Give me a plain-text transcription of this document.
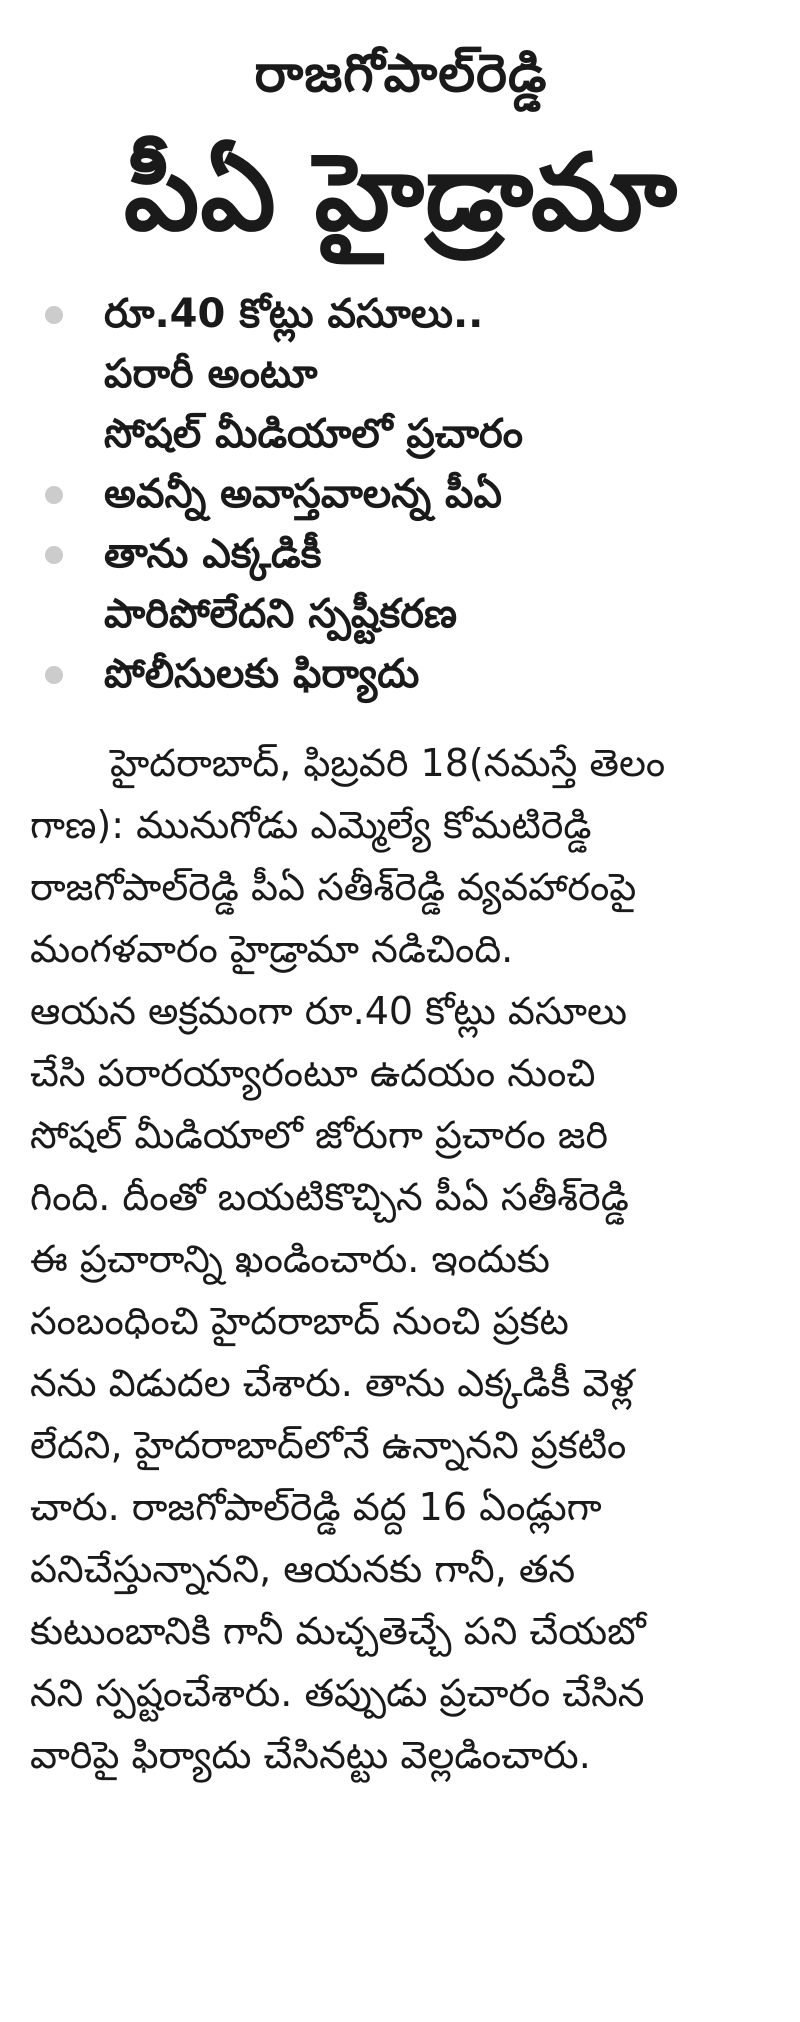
రాజగోపాల్‌రెడ్డి
పీఏ హైడ్రామా
రూ.40 కోట్లు వసూలు..
పరారీ అంటూ
సోషల్‌ మీడియాలో ప్రచారం
అవన్నీ అవాస్తవాలన్న పీఏ
తాను ఎక్కడికీ
పారిపోలేదని స్పష్టీకరణ
పోలీసులకు ఫిర్యాదు
హైదరాబాద్‌, ఫిబ్రవరి 18(నమస్తే తెలం
గాణ): మునుగోడు ఎమ్మెల్యే కోమటిరెడ్డి
రాజగోపాల్‌రెడ్డి పీఏ సతీశ్‌రెడ్డి వ్యవహారంపై
మంగళవారం హైడ్రామా నడిచింది.
ఆయన అక్రమంగా రూ.40 కోట్లు వసూలు
చేసి పరారయ్యారంటూ ఉదయం నుంచి
సోషల్‌ మీడియాలో జోరుగా ప్రచారం జరి
గింది. దీంతో బయటికొచ్చిన పీఏ సతీశ్‌రెడ్డి
ఈ ప్రచారాన్ని ఖండించారు. ఇందుకు
సంబంధించి హైదరాబాద్‌ నుంచి ప్రకట
నను విడుదల చేశారు. తాను ఎక్కడికీ వెళ్ల
లేదని, హైదరాబాద్‌లోనే ఉన్నానని ప్రకటిం
చారు. రాజగోపాల్‌రెడ్డి వద్ద 16 ఏండ్లుగా
పనిచేస్తున్నానని, ఆయనకు గానీ, తన
కుటుంబానికి గానీ మచ్చతెచ్చే పని చేయబో
నని స్పష్టంచేశారు. తప్పుడు ప్రచారం చేసిన
వారిపై ఫిర్యాదు చేసినట్టు వెల్లడించారు.
